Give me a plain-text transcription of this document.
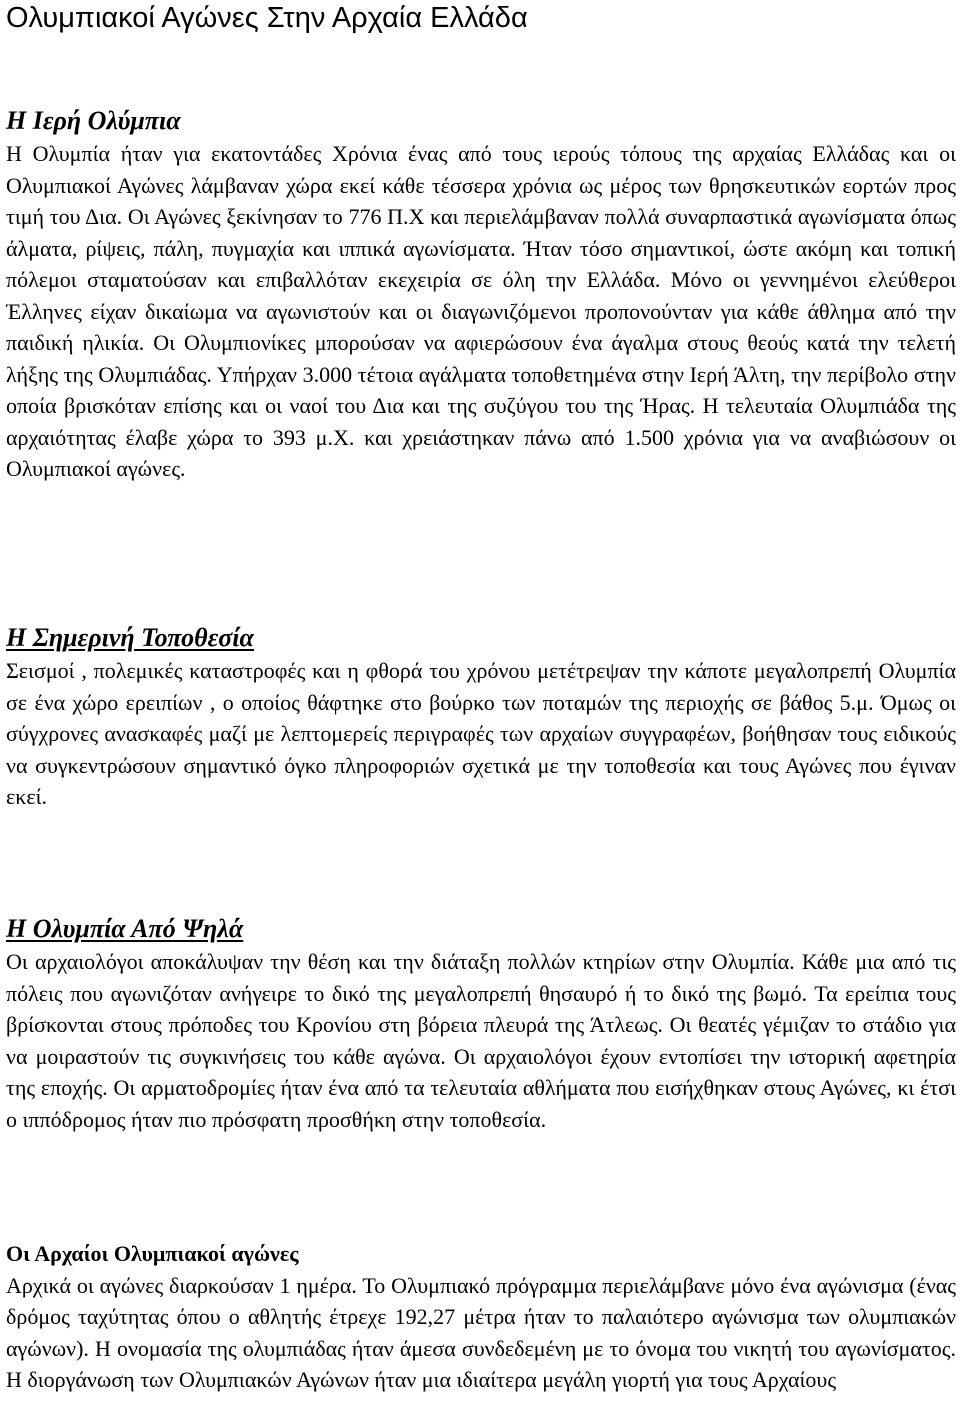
Ολυμπιακοί Αγώνες Στην Αρχαία Ελλάδα
Η Ιερή Ολύμπια

Η Ολυμπία ήταν για εκατοντάδες Χρόνια ένας από τους ιερούς τόπους της αρχαίας Ελλάδας και οι Ολυμπιακοί Αγώνες λάμβαναν χώρα εκεί κάθε τέσσερα χρόνια ως μέρος των θρησκευτικών εορτών προς τιμή του Δια. Οι Αγώνες ξεκίνησαν το 776 Π.Χ και περιελάμβαναν πολλά συναρπαστικά αγωνίσματα όπως άλματα, ρίψεις, πάλη, πυγμαχία και ιππικά αγωνίσματα. Ήταν τόσο σημαντικοί, ώστε ακόμη και τοπική πόλεμοι σταματούσαν και επιβαλλόταν εκεχειρία σε όλη την Ελλάδα. Μόνο οι γεννημένοι ελεύθεροι Έλληνες είχαν δικαίωμα να αγωνιστούν και οι διαγωνιζόμενοι προπονούνταν για κάθε άθλημα από την παιδική ηλικία. Οι Ολυμπιονίκες μπορούσαν να αφιερώσουν ένα άγαλμα στους θεούς κατά την τελετή λήξης της Ολυμπιάδας. Υπήρχαν 3.000 τέτοια αγάλματα τοποθετημένα στην Ιερή Άλτη, την περίβολο στην οποία βρισκόταν επίσης και οι ναοί του Δια και της συζύγου του της Ήρας. Η τελευταία Ολυμπιάδα της αρχαιότητας έλαβε χώρα το 393 μ.Χ. και χρειάστηκαν πάνω από 1.500 χρόνια για να αναβιώσουν οι Ολυμπιακοί αγώνες.

Η Σημερινή Τοποθεσία

Σεισμοί , πολεμικές καταστροφές και η φθορά του χρόνου μετέτρεψαν την κάποτε μεγαλοπρεπή Ολυμπία σε ένα χώρο ερειπίων , ο οποίος θάφτηκε στο βούρκο των ποταμών της περιοχής σε βάθος 5.μ. Όμως οι σύγχρονες ανασκαφές μαζί με λεπτομερείς περιγραφές των αρχαίων συγγραφέων, βοήθησαν τους ειδικούς να συγκεντρώσουν σημαντικό όγκο πληροφοριών σχετικά με την τοποθεσία και τους Αγώνες που έγιναν εκεί.

Η Ολυμπία Από Ψηλά

Οι αρχαιολόγοι αποκάλυψαν την θέση και την διάταξη πολλών κτηρίων στην Ολυμπία. Κάθε μια από τις πόλεις που αγωνιζόταν ανήγειρε το δικό της μεγαλοπρεπή θησαυρό ή το δικό της βωμό. Τα ερείπια τους βρίσκονται στους πρόποδες του Κρονίου στη βόρεια πλευρά της Άτλεως. Οι θεατές γέμιζαν το στάδιο για να μοιραστούν τις συγκινήσεις του κάθε αγώνα. Οι αρχαιολόγοι έχουν εντοπίσει την ιστορική αφετηρία της εποχής. Οι αρματοδρομίες ήταν ένα από τα τελευταία αθλήματα που εισήχθηκαν στους Αγώνες, κι έτσι ο ιππόδρομος ήταν πιο πρόσφατη προσθήκη στην τοποθεσία.

Οι Αρχαίοι Ολυμπιακοί αγώνες

Αρχικά οι αγώνες διαρκούσαν 1 ημέρα. Το Ολυμπιακό πρόγραμμα περιελάμβανε μόνο ένα αγώνισμα (ένας δρόμος ταχύτητας όπου ο αθλητής έτρεχε 192,27 μέτρα ήταν το παλαιότερο αγώνισμα των ολυμπιακών αγώνων). Η ονομασία της ολυμπιάδας ήταν άμεσα συνδεδεμένη με το όνομα του νικητή του αγωνίσματος. Η διοργάνωση των Ολυμπιακών Αγώνων ήταν μια ιδιαίτερα μεγάλη γιορτή για τους Αρχαίους
